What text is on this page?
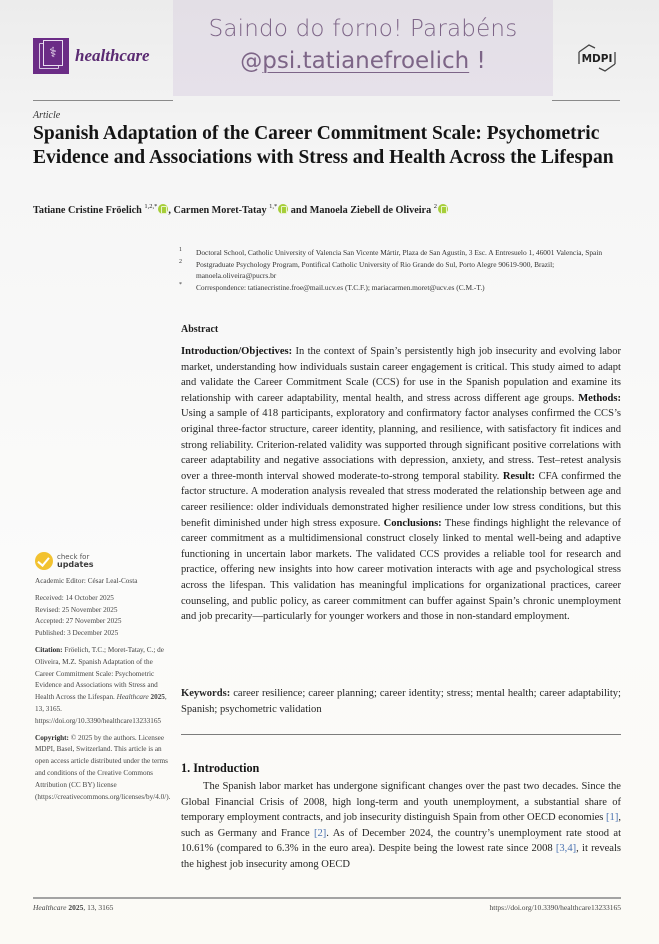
⚕ healthcare	MDPI
Saindo do forno! Parabéns
@psi.tatianefroelich !
Article
Spanish Adaptation of the Career Commitment Scale: Psychometric Evidence and Associations with Stress and Health Across the Lifespan
Tatiane Cristine Fröelich $^{1,2,*}$ , Carmen Moret-Tatay $^{1,*}$ and Manoela Ziebell de Oliveira $^2$
1 Doctoral School, Catholic University of Valencia San Vicente Mártir, Plaza de San Agustín, 3 Esc. A Entresuelo 1, 46001 Valencia, Spain
2 Postgraduate Psychology Program, Pontifical Catholic University of Rio Grande do Sul, Porto Alegre 90619-900, Brazil; manoela.oliveira@pucrs.br
* Correspondence: tatianecristine.froe@mail.ucv.es (T.C.F.); mariacarmen.moret@ucv.es (C.M.-T.)
Abstract

Introduction/Objectives: In the context of Spain’s persistently high job insecurity and evolving labor market, understanding how individuals sustain career engagement is critical. This study aimed to adapt and validate the Career Commitment Scale (CCS) for use in the Spanish population and examine its relationship with career adaptability, mental health, and stress across different age groups. Methods: Using a sample of 418 participants, exploratory and confirmatory factor analyses confirmed the CCS’s original three-factor structure, career identity, planning, and resilience, with satisfactory fit indices and strong reliability. Criterion-related validity was supported through significant positive correlations with career adaptability and negative associations with depression, anxiety, and stress. Test–retest analysis over a three-month interval showed moderate-to-strong temporal stability. Result: CFA confirmed the factor structure. A moderation analysis revealed that stress moderated the relationship between age and career resilience: older individuals demonstrated higher resilience under low stress conditions, but this benefit diminished under high stress exposure. Conclusions: These findings highlight the relevance of career commitment as a multidimensional construct closely linked to mental well-being and adaptive functioning in uncertain labor markets. The validated CCS provides a reliable tool for research and practice, offering new insights into how career motivation interacts with age and psychological stress across the lifespan. This validation has meaningful implications for organizational practices, career counseling, and public policy, as career commitment can buffer against Spain’s chronic unemployment and job precarity—particularly for younger workers and those in non-standard employment.

Keywords: career resilience; career planning; career identity; stress; mental health; career adaptability; Spanish; psychometric validation

1. Introduction

The Spanish labor market has undergone significant changes over the past two decades. Since the Global Financial Crisis of 2008, high long-term and youth unemployment, a substantial share of temporary employment contracts, and job insecurity distinguish Spain from other OECD economies [1], such as Germany and France [2]. As of December 2024, the country’s unemployment rate stood at 10.61% (compared to 6.3% in the euro area). Despite being the lowest rate since 2008 [3,4], it reveals the highest job insecurity among OECD

check for
updates
Academic Editor: César Leal-Costa
Received: 14 October 2025
Revised: 25 November 2025
Accepted: 27 November 2025
Published: 3 December 2025
Citation: Fröelich, T.C.; Moret-Tatay, C.; de Oliveira, M.Z. Spanish Adaptation of the Career Commitment Scale: Psychometric Evidence and Associations with Stress and Health Across the Lifespan. Healthcare 2025, 13, 3165. https://doi.org/10.3390/healthcare13233165
Copyright: © 2025 by the authors. Licensee MDPI, Basel, Switzerland. This article is an open access article distributed under the terms and conditions of the Creative Commons Attribution (CC BY) license (https://creativecommons.org/licenses/by/4.0/).
Healthcare 2025, 13, 3165	https://doi.org/10.3390/healthcare13233165
